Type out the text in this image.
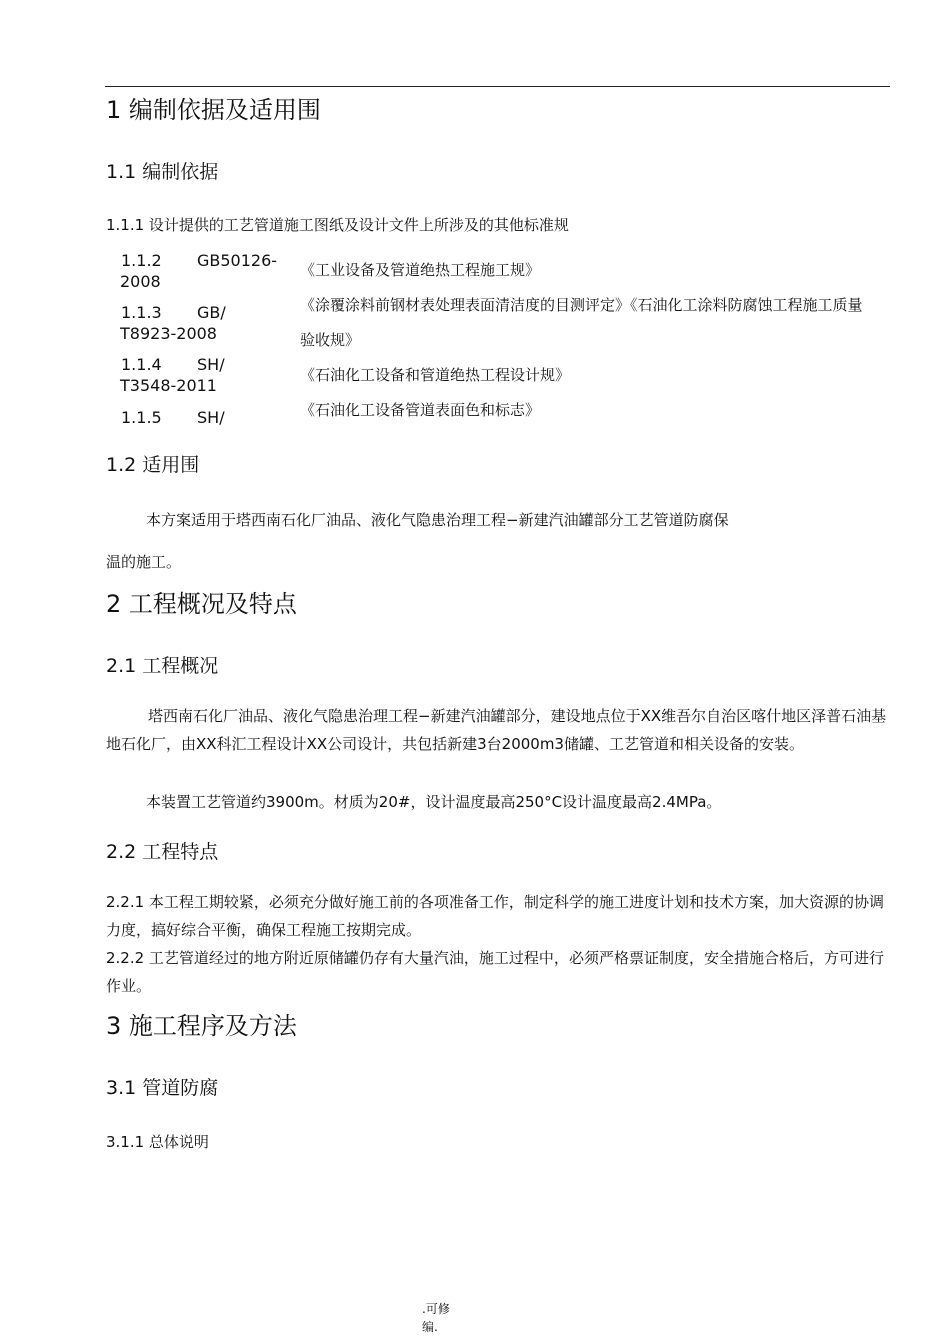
1 编制依据及适用围
1.1 编制依据
1.1.1 设计提供的工艺管道施工图纸及设计文件上所涉及的其他标准规
1.1.2 GB50126-

2008
《工业设备及管道绝热工程施工规》
1.1.3 GB/

T8923-2008
《涂覆涂料前钢材表处理表面清洁度的目测评定》《石油化工涂料防腐蚀工程施工质量验收规》
1.1.4 SH/

T3548-2011
《石油化工设备和管道绝热工程设计规》
1.1.5 SH/	《石油化工设备管道表面色和标志》
1.2 适用围
本方案适用于塔西南石化厂油品、液化气隐患治理工程−新建汽油罐部分工艺管道防腐保
温的施工。
2 工程概况及特点
2.1 工程概况
塔西南石化厂油品、液化气隐患治理工程−新建汽油罐部分，建设地点位于XX维吾尔自治区喀什地区泽普石油基地石化厂，由XX科汇工程设计XX公司设计，共包括新建3台2000m3储罐、工艺管道和相关设备的安装。
本装置工艺管道约3900m。材质为20#，设计温度最高250°C设计温度最高2.4MPa。
2.2 工程特点
2.2.1 本工程工期较紧，必须充分做好施工前的各项准备工作，制定科学的施工进度计划和技术方案，加大资源的协调力度，搞好综合平衡，确保工程施工按期完成。
2.2.2 工艺管道经过的地方附近原储罐仍存有大量汽油，施工过程中，必须严格票证制度，安全措施合格后，方可进行作业。
3 施工程序及方法
3.1 管道防腐
3.1.1 总体说明
.可修
编.
